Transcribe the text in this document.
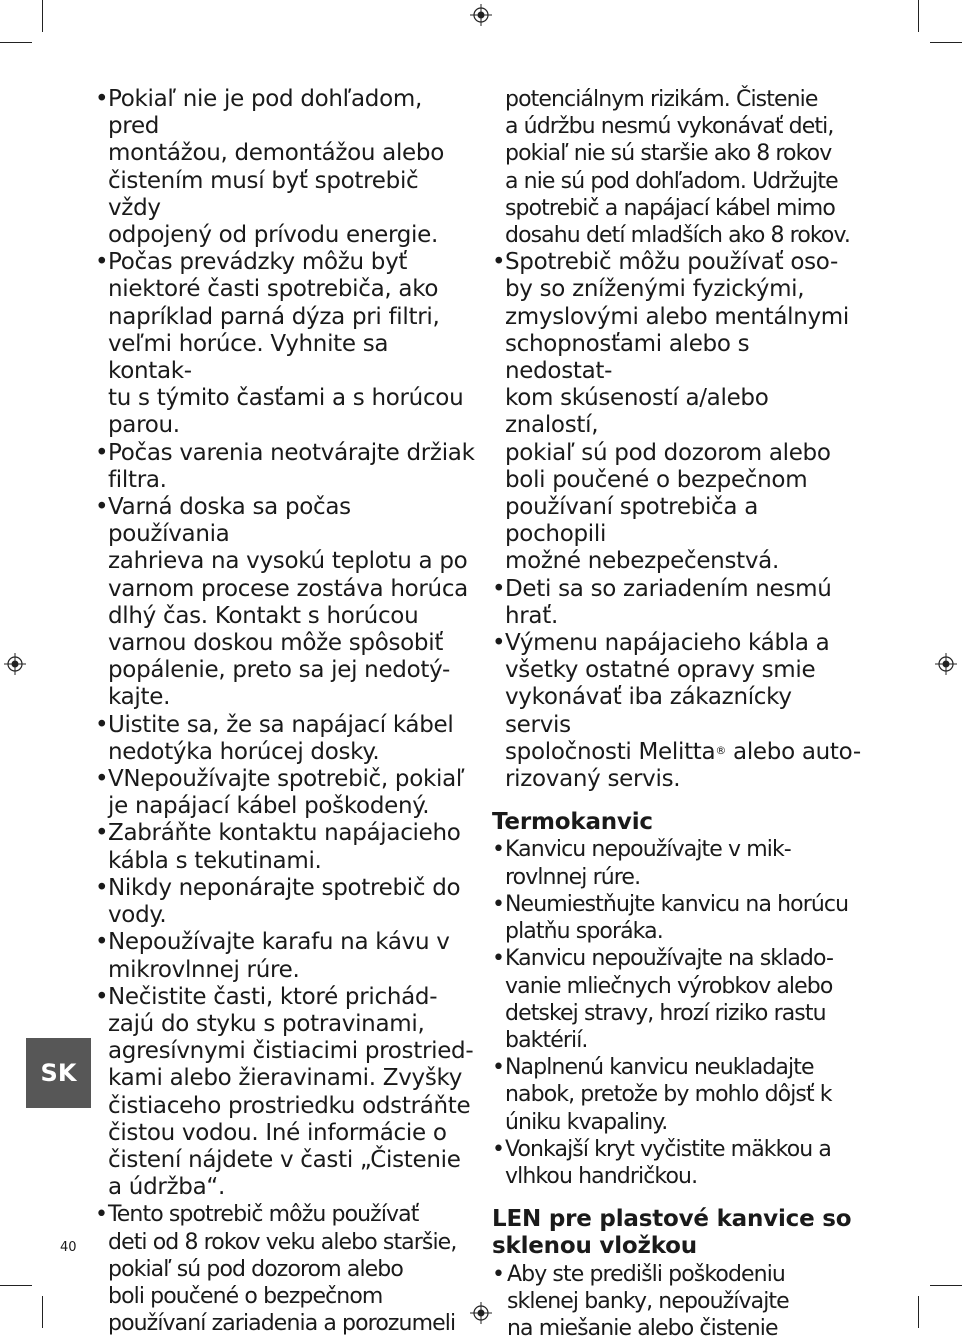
• Pokiaľ nie je pod dohľadom, pred
montážou, demontážou alebo
čistením musí byť spotrebič vždy
odpojený od prívodu energie.
• Počas prevádzky môžu byť
niektoré časti spotrebiča, ako
napríklad parná dýza pri filtri,
veľmi horúce. Vyhnite sa kontak-
tu s týmito časťami a s horúcou
parou.
• Počas varenia neotvárajte držiak
filtra.
• Varná doska sa počas používania
zahrieva na vysokú teplotu a po
varnom procese zostáva horúca
dlhý čas. Kontakt s horúcou
varnou doskou môže spôsobiť
popálenie, preto sa jej nedotý-
kajte.
• Uistite sa, že sa napájací kábel
nedotýka horúcej dosky.
• VNepoužívajte spotrebič, pokiaľ
je napájací kábel poškodený.
• Zabráňte kontaktu napájacieho
kábla s tekutinami.
• Nikdy neponárajte spotrebič do
vody.
• Nepoužívajte karafu na kávu v
mikrovlnnej rúre.
• Nečistite časti, ktoré prichád-
zajú do styku s potravinami,
agresívnymi čistiacimi prostried-
kami alebo žieravinami. Zvyšky
čistiaceho prostriedku odstráňte
čistou vodou. Iné informácie o
čistení nájdete v časti „Čistenie
a údržba“.
• Tento spotrebič môžu používať
deti od 8 rokov veku alebo staršie,
pokiaľ sú pod dozorom alebo
boli poučené o bezpečnom
používaní zariadenia a porozumeli
potenciálnym rizikám. Čistenie
a údržbu nesmú vykonávať deti,
pokiaľ nie sú staršie ako 8 rokov
a nie sú pod dohľadom. Udržujte
spotrebič a napájací kábel mimo
dosahu detí mladších ako 8 rokov.
• Spotrebič môžu používať oso-
by so zníženými fyzickými,
zmyslovými alebo mentálnymi
schopnosťami alebo s nedostat-
kom skúseností a/alebo znalostí,
pokiaľ sú pod dozorom alebo
boli poučené o bezpečnom
používaní spotrebiča a pochopili
možné nebezpečenstvá.
• Deti sa so zariadením nesmú
hrať.
• Výmenu napájacieho kábla a
všetky ostatné opravy smie
vykonávať iba zákaznícky servis
spoločnosti Melitta® alebo auto-
rizovaný servis.
Termokanvic
• Kanvicu nepoužívajte v mik-
rovlnnej rúre.
• Neumiestňujte kanvicu na horúcu
platňu sporáka.
• Kanvicu nepoužívajte na sklado-
vanie mliečnych výrobkov alebo
detskej stravy, hrozí riziko rastu
baktérií.
• Naplnenú kanvicu neukladajte
nabok, pretože by mohlo dôjsť k
úniku kvapaliny.
• Vonkajší kryt vyčistite mäkkou a
vlhkou handričkou.
LEN pre plastové kanvice so
sklenou vložkou
• Aby ste predišli poškodeniu
sklenej banky, nepoužívajte
na miešanie alebo čistenie
SK
40
